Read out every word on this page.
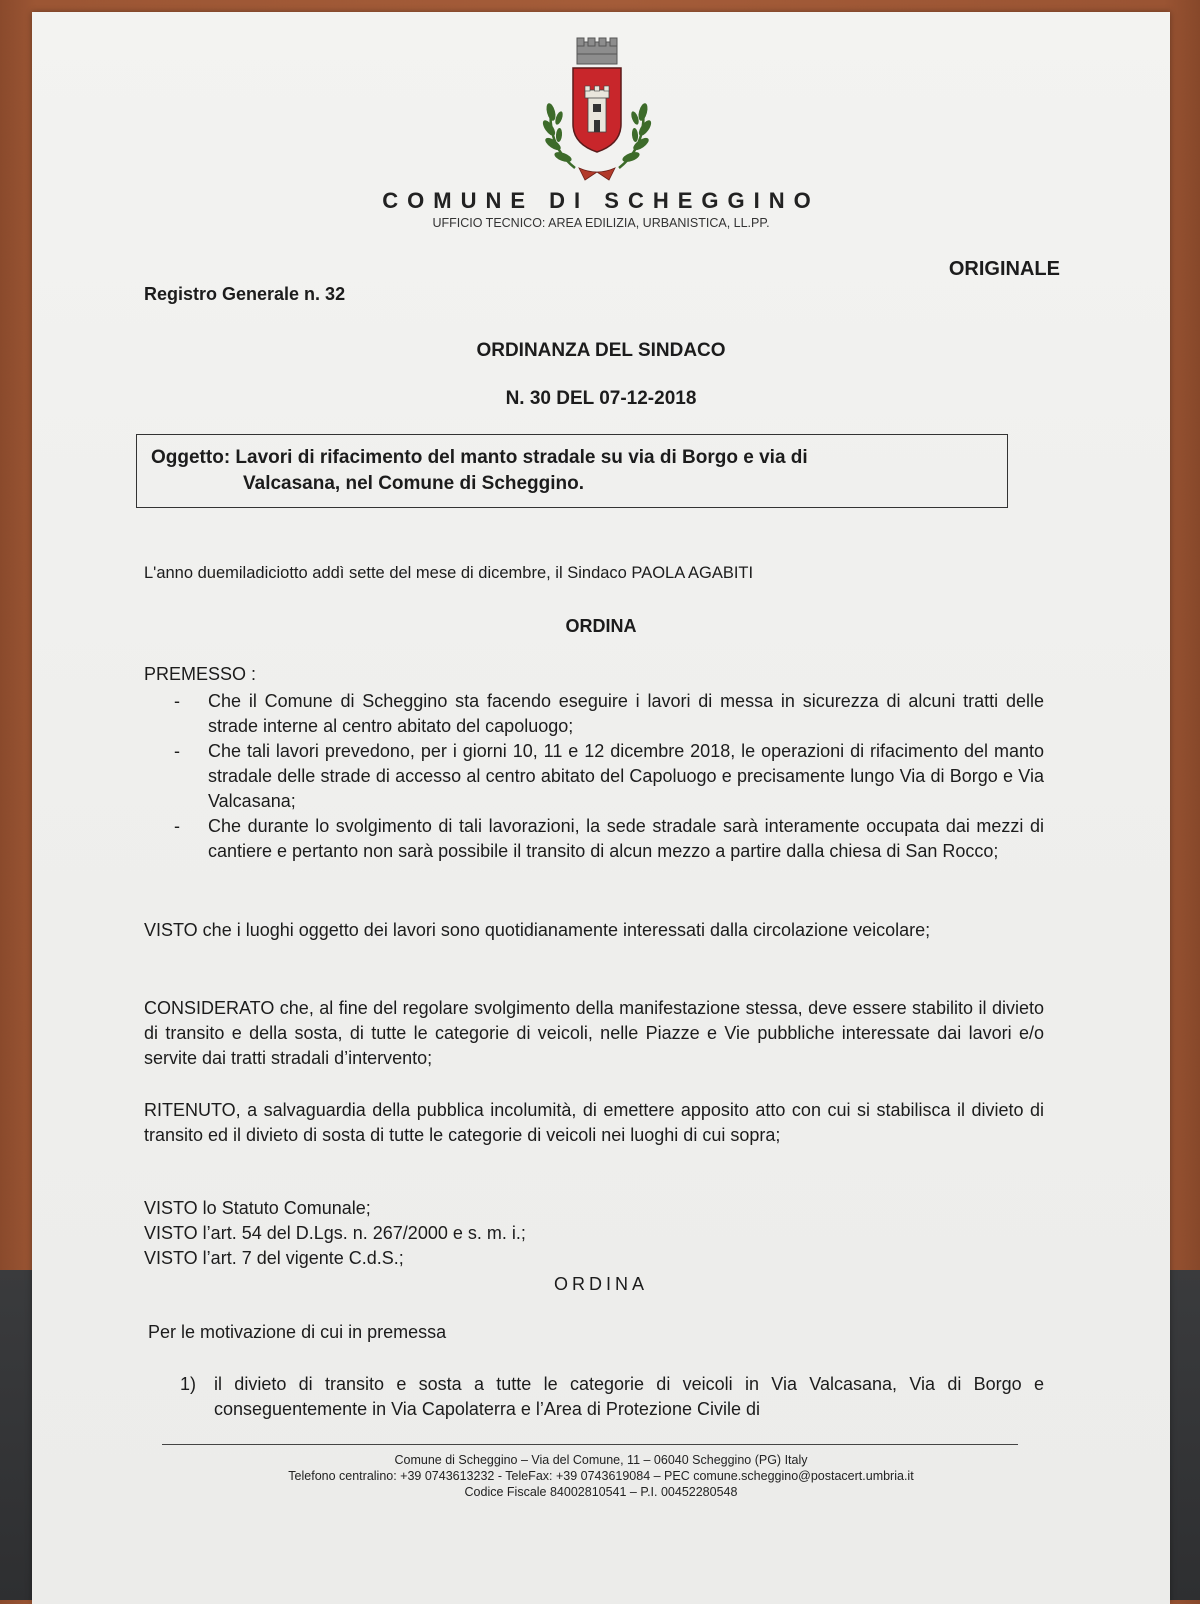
COMUNE DI SCHEGGINO
UFFICIO TECNICO: AREA EDILIZIA, URBANISTICA, LL.PP.
ORIGINALE
Registro Generale n. 32
ORDINANZA DEL SINDACO
N. 30 DEL 07-12-2018
Oggetto: Lavori di rifacimento del manto stradale su via di Borgo e via di
Valcasana, nel Comune di Scheggino.
L'anno duemiladiciotto addì sette del mese di dicembre, il Sindaco PAOLA AGABITI
ORDINA
PREMESSO :
- Che il Comune di Scheggino sta facendo eseguire i lavori di messa in sicurezza di alcuni tratti delle strade interne al centro abitato del capoluogo;
- Che tali lavori prevedono, per i giorni 10, 11 e 12 dicembre 2018, le operazioni di rifacimento del manto stradale delle strade di accesso al centro abitato del Capoluogo e precisamente lungo Via di Borgo e Via Valcasana;
- Che durante lo svolgimento di tali lavorazioni, la sede stradale sarà interamente occupata dai mezzi di cantiere e pertanto non sarà possibile il transito di alcun mezzo a partire dalla chiesa di San Rocco;
VISTO che i luoghi oggetto dei lavori sono quotidianamente interessati dalla circolazione veicolare;
CONSIDERATO che, al fine del regolare svolgimento della manifestazione stessa, deve essere stabilito il divieto di transito e della sosta, di tutte le categorie di veicoli, nelle Piazze e Vie pubbliche interessate dai lavori e/o servite dai tratti stradali d’intervento;
RITENUTO, a salvaguardia della pubblica incolumità, di emettere apposito atto con cui si stabilisca il divieto di transito ed il divieto di sosta di tutte le categorie di veicoli nei luoghi di cui sopra;
VISTO lo Statuto Comunale;
VISTO l’art. 54 del D.Lgs. n. 267/2000 e s. m. i.;
VISTO l’art. 7 del vigente C.d.S.;
ORDINA
Per le motivazione di cui in premessa
1) il divieto di transito e sosta a tutte le categorie di veicoli in Via Valcasana, Via di Borgo e conseguentemente in Via Capolaterra e l’Area di Protezione Civile di
Comune di Scheggino – Via del Comune, 11 – 06040 Scheggino (PG) Italy
Telefono centralino: +39 0743613232 - TeleFax: +39 0743619084 – PEC comune.scheggino@postacert.umbria.it
Codice Fiscale 84002810541 – P.I. 00452280548
